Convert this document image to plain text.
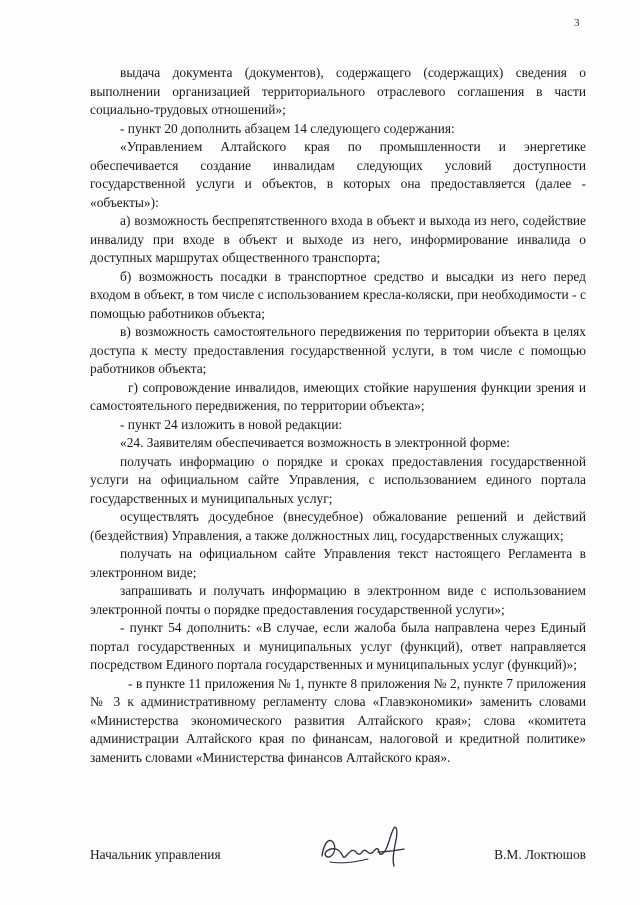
3

выдача документа (документов), содержащего (содержащих) сведения о выполнении организацией территориального отраслевого соглашения в части социально-трудовых отношений»;

- пункт 20 дополнить абзацем 14 следующего содержания:

«Управлением Алтайского края по промышленности и энергетике обеспечивается создание инвалидам следующих условий доступности государственной услуги и объектов, в которых она предоставляется (далее - «объекты»):

а) возможность беспрепятственного входа в объект и выхода из него, содействие инвалиду при входе в объект и выходе из него, информирование инвалида о доступных маршрутах общественного транспорта;

б) возможность посадки в транспортное средство и высадки из него перед входом в объект, в том числе с использованием кресла-коляски, при необходимости - с помощью работников объекта;

в) возможность самостоятельного передвижения по территории объекта в целях доступа к месту предоставления государственной услуги, в том числе с помощью работников объекта;

г) сопровождение инвалидов, имеющих стойкие нарушения функции зрения и самостоятельного передвижения, по территории объекта»;

- пункт 24 изложить в новой редакции:

«24. Заявителям обеспечивается возможность в электронной форме:

получать информацию о порядке и сроках предоставления государственной услуги на официальном сайте Управления, с использованием единого портала государственных и муниципальных услуг;

осуществлять досудебное (внесудебное) обжалование решений и действий (бездействия) Управления, а также должностных лиц, государственных служащих;

получать на официальном сайте Управления текст настоящего Регламента в электронном виде;

запрашивать и получать информацию в электронном виде с использованием электронной почты о порядке предоставления государственной услуги»;

- пункт 54 дополнить: «В случае, если жалоба была направлена через Единый портал государственных и муниципальных услуг (функций), ответ направляется посредством Единого портала государственных и муниципальных услуг (функций)»;

- в пункте 11 приложения № 1, пункте 8 приложения № 2, пункте 7 приложения № 3 к административному регламенту слова «Главэкономики» заменить словами «Министерства экономического развития Алтайского края»; слова «комитета администрации Алтайского края по финансам, налоговой и кредитной политике» заменить словами «Министерства финансов Алтайского края».

Начальник управления	В.М. Локтюшов
